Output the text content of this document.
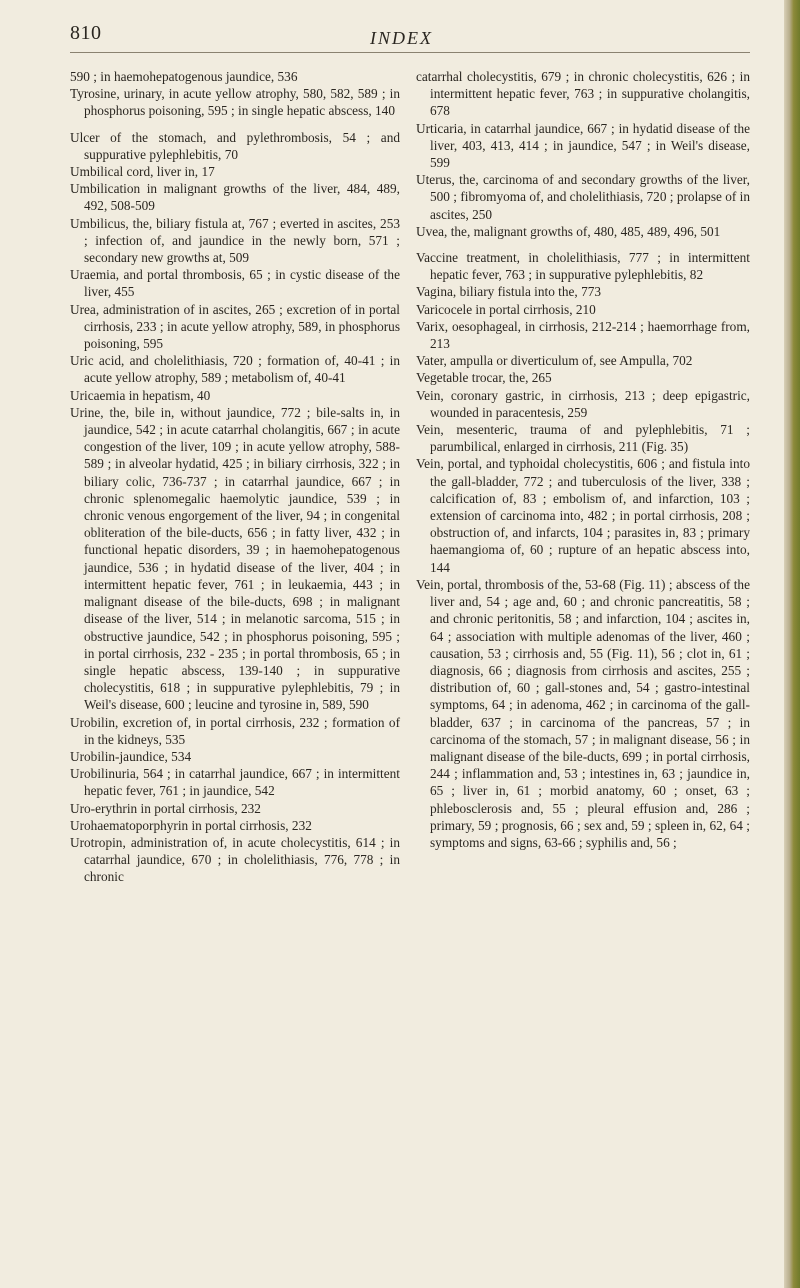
810	INDEX

590 ; in haemohepatogenous jaundice, 536

Tyrosine, urinary, in acute yellow atrophy, 580, 582, 589 ; in phosphorus poisoning, 595 ; in single hepatic abscess, 140

Ulcer of the stomach, and pylethrombosis, 54 ; and suppurative pylephlebitis, 70

Umbilical cord, liver in, 17

Umbilication in malignant growths of the liver, 484, 489, 492, 508-509

Umbilicus, the, biliary fistula at, 767 ; everted in ascites, 253 ; infection of, and jaundice in the newly born, 571 ; secondary new growths at, 509

Uraemia, and portal thrombosis, 65 ; in cystic disease of the liver, 455

Urea, administration of in ascites, 265 ; excretion of in portal cirrhosis, 233 ; in acute yellow atrophy, 589, in phosphorus poisoning, 595

Uric acid, and cholelithiasis, 720 ; formation of, 40-41 ; in acute yellow atrophy, 589 ; metabolism of, 40-41

Uricaemia in hepatism, 40

Urine, the, bile in, without jaundice, 772 ; bile-salts in, in jaundice, 542 ; in acute catarrhal cholangitis, 667 ; in acute congestion of the liver, 109 ; in acute yellow atrophy, 588-589 ; in alveolar hydatid, 425 ; in biliary cirrhosis, 322 ; in biliary colic, 736-737 ; in catarrhal jaundice, 667 ; in chronic splenomegalic haemolytic jaundice, 539 ; in chronic venous engorgement of the liver, 94 ; in congenital obliteration of the bile-ducts, 656 ; in fatty liver, 432 ; in functional hepatic disorders, 39 ; in haemohepatogenous jaundice, 536 ; in hydatid disease of the liver, 404 ; in intermittent hepatic fever, 761 ; in leukaemia, 443 ; in malignant disease of the bile-ducts, 698 ; in malignant disease of the liver, 514 ; in melanotic sarcoma, 515 ; in obstructive jaundice, 542 ; in phosphorus poisoning, 595 ; in portal cirrhosis, 232 - 235 ; in portal thrombosis, 65 ; in single hepatic abscess, 139-140 ; in suppurative cholecystitis, 618 ; in suppurative pylephlebitis, 79 ; in Weil's disease, 600 ; leucine and tyrosine in, 589, 590

Urobilin, excretion of, in portal cirrhosis, 232 ; formation of in the kidneys, 535

Urobilin-jaundice, 534

Urobilinuria, 564 ; in catarrhal jaundice, 667 ; in intermittent hepatic fever, 761 ; in jaundice, 542

Uro-erythrin in portal cirrhosis, 232

Urohaematoporphyrin in portal cirrhosis, 232

Urotropin, administration of, in acute cholecystitis, 614 ; in catarrhal jaundice, 670 ; in cholelithiasis, 776, 778 ; in chronic

catarrhal cholecystitis, 679 ; in chronic cholecystitis, 626 ; in intermittent hepatic fever, 763 ; in suppurative cholangitis, 678

Urticaria, in catarrhal jaundice, 667 ; in hydatid disease of the liver, 403, 413, 414 ; in jaundice, 547 ; in Weil's disease, 599

Uterus, the, carcinoma of and secondary growths of the liver, 500 ; fibromyoma of, and cholelithiasis, 720 ; prolapse of in ascites, 250

Uvea, the, malignant growths of, 480, 485, 489, 496, 501

Vaccine treatment, in cholelithiasis, 777 ; in intermittent hepatic fever, 763 ; in suppurative pylephlebitis, 82

Vagina, biliary fistula into the, 773

Varicocele in portal cirrhosis, 210

Varix, oesophageal, in cirrhosis, 212-214 ; haemorrhage from, 213

Vater, ampulla or diverticulum of, see Ampulla, 702

Vegetable trocar, the, 265

Vein, coronary gastric, in cirrhosis, 213 ; deep epigastric, wounded in paracentesis, 259

Vein, mesenteric, trauma of and pylephlebitis, 71 ; parumbilical, enlarged in cirrhosis, 211 (Fig. 35)

Vein, portal, and typhoidal cholecystitis, 606 ; and fistula into the gall-bladder, 772 ; and tuberculosis of the liver, 338 ; calcification of, 83 ; embolism of, and infarction, 103 ; extension of carcinoma into, 482 ; in portal cirrhosis, 208 ; obstruction of, and infarcts, 104 ; parasites in, 83 ; primary haemangioma of, 60 ; rupture of an hepatic abscess into, 144

Vein, portal, thrombosis of the, 53-68 (Fig. 11) ; abscess of the liver and, 54 ; age and, 60 ; and chronic pancreatitis, 58 ; and chronic peritonitis, 58 ; and infarction, 104 ; ascites in, 64 ; association with multiple adenomas of the liver, 460 ; causation, 53 ; cirrhosis and, 55 (Fig. 11), 56 ; clot in, 61 ; diagnosis, 66 ; diagnosis from cirrhosis and ascites, 255 ; distribution of, 60 ; gall-stones and, 54 ; gastro-intestinal symptoms, 64 ; in adenoma, 462 ; in carcinoma of the gall-bladder, 637 ; in carcinoma of the pancreas, 57 ; in carcinoma of the stomach, 57 ; in malignant disease, 56 ; in malignant disease of the bile-ducts, 699 ; in portal cirrhosis, 244 ; inflammation and, 53 ; intestines in, 63 ; jaundice in, 65 ; liver in, 61 ; morbid anatomy, 60 ; onset, 63 ; phlebosclerosis and, 55 ; pleural effusion and, 286 ; primary, 59 ; prognosis, 66 ; sex and, 59 ; spleen in, 62, 64 ; symptoms and signs, 63-66 ; syphilis and, 56 ;
